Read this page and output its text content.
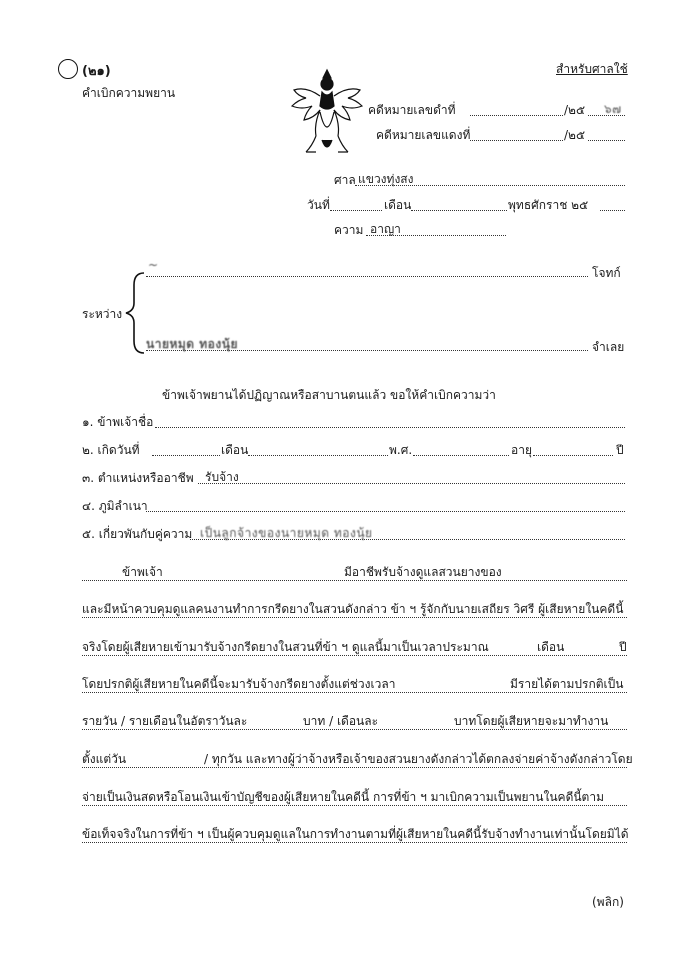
(๒๑)
คำเบิกความพยาน
สำหรับศาลใช้
คดีหมายเลขดำที่	/๒๕ ๖๗
คดีหมายเลขแดงที่	/๒๕
ศาล แขวงทุ่งสง
วันที่	เดือน	พุทธศักราช ๒๕
ความ อาญา
ระหว่าง
~
โจทก์
นายหมุด ทองนุ้ย	จำเลย
ข้าพเจ้าพยานได้ปฏิญาณหรือสาบานตนแล้ว ขอให้คำเบิกความว่า
๑. ข้าพเจ้าชื่อ
๒. เกิดวันที่	เดือน	พ.ศ.	อายุ	ปี
๓. ตำแหน่งหรืออาชีพ รับจ้าง
๔. ภูมิลำเนา
๕. เกี่ยวพันกับคู่ความ เป็นลูกจ้างของนายหมุด ทองนุ้ย
ข้าพเจ้า	มีอาชีพรับจ้างดูแลสวนยางของ
และมีหน้าควบคุมดูแลคนงานทำการกรีดยางในสวนดังกล่าว ข้า ฯ รู้จักกับนายเสถียร วิศรี ผู้เสียหายในคดีนี้
จริงโดยผู้เสียหายเข้ามารับจ้างกรีดยางในสวนที่ข้า ฯ ดูแลนี้มาเป็นเวลาประมาณ	เดือน	ปี
โดยปรกติผู้เสียหายในคดีนี้จะมารับจ้างกรีดยางตั้งแต่ช่วงเวลา	มีรายได้ตามปรกติเป็น
รายวัน / รายเดือนในอัตราวันละ	บาท / เดือนละ	บาทโดยผู้เสียหายจะมาทำงาน
ตั้งแต่วัน	/ ทุกวัน และทางผู้ว่าจ้างหรือเจ้าของสวนยางดังกล่าวได้ตกลงจ่ายค่าจ้างดังกล่าวโดย
จ่ายเป็นเงินสดหรือโอนเงินเข้าบัญชีของผู้เสียหายในคดีนี้ การที่ข้า ฯ มาเบิกความเป็นพยานในคดีนี้ตาม
ข้อเท็จจริงในการที่ข้า ฯ เป็นผู้ควบคุมดูแลในการทำงานตามที่ผู้เสียหายในคดีนี้รับจ้างทำงานเท่านั้นโดยมิได้
(พลิก)
